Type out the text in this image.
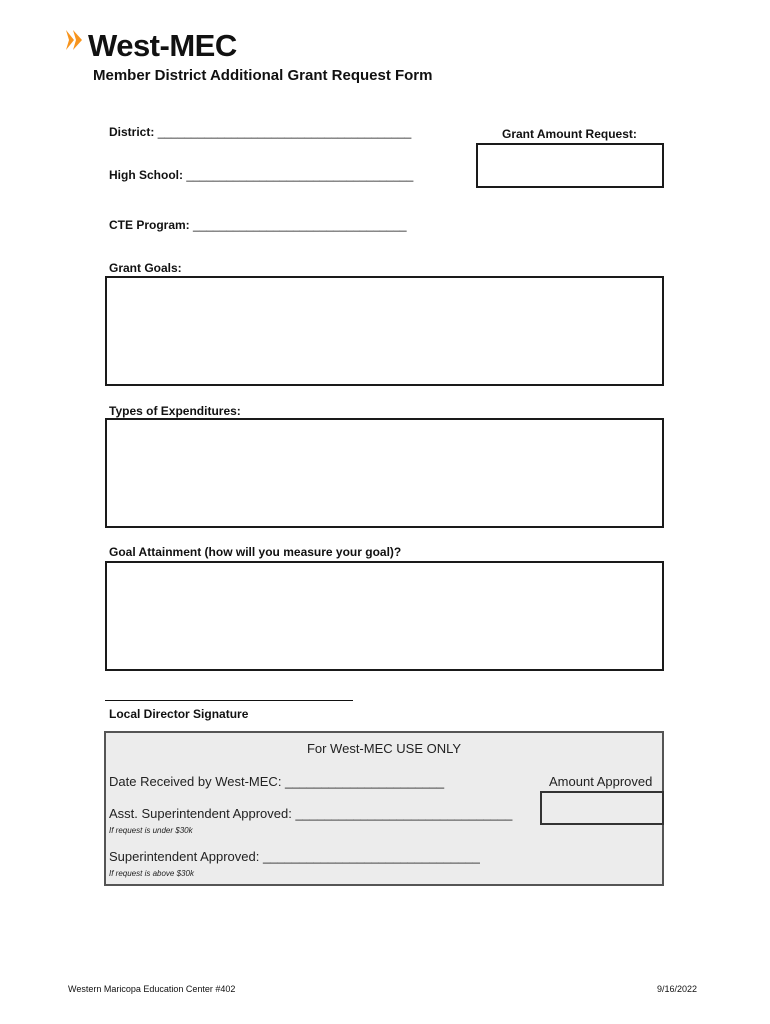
West-MEC
Member District Additional Grant Request Form
District: ______________________________________
High School: __________________________________
CTE Program: ________________________________
Grant Amount Request:
Grant Goals:
Types of Expenditures:
Goal Attainment (how will you measure your goal)?
Local Director Signature
For West-MEC USE ONLY
Date Received by West-MEC: ______________________	Amount Approved
Asst. Superintendent Approved: ______________________________
If request is under $30k
Superintendent Approved: ______________________________
If request is above $30k
Western Maricopa Education Center #402	9/16/2022
